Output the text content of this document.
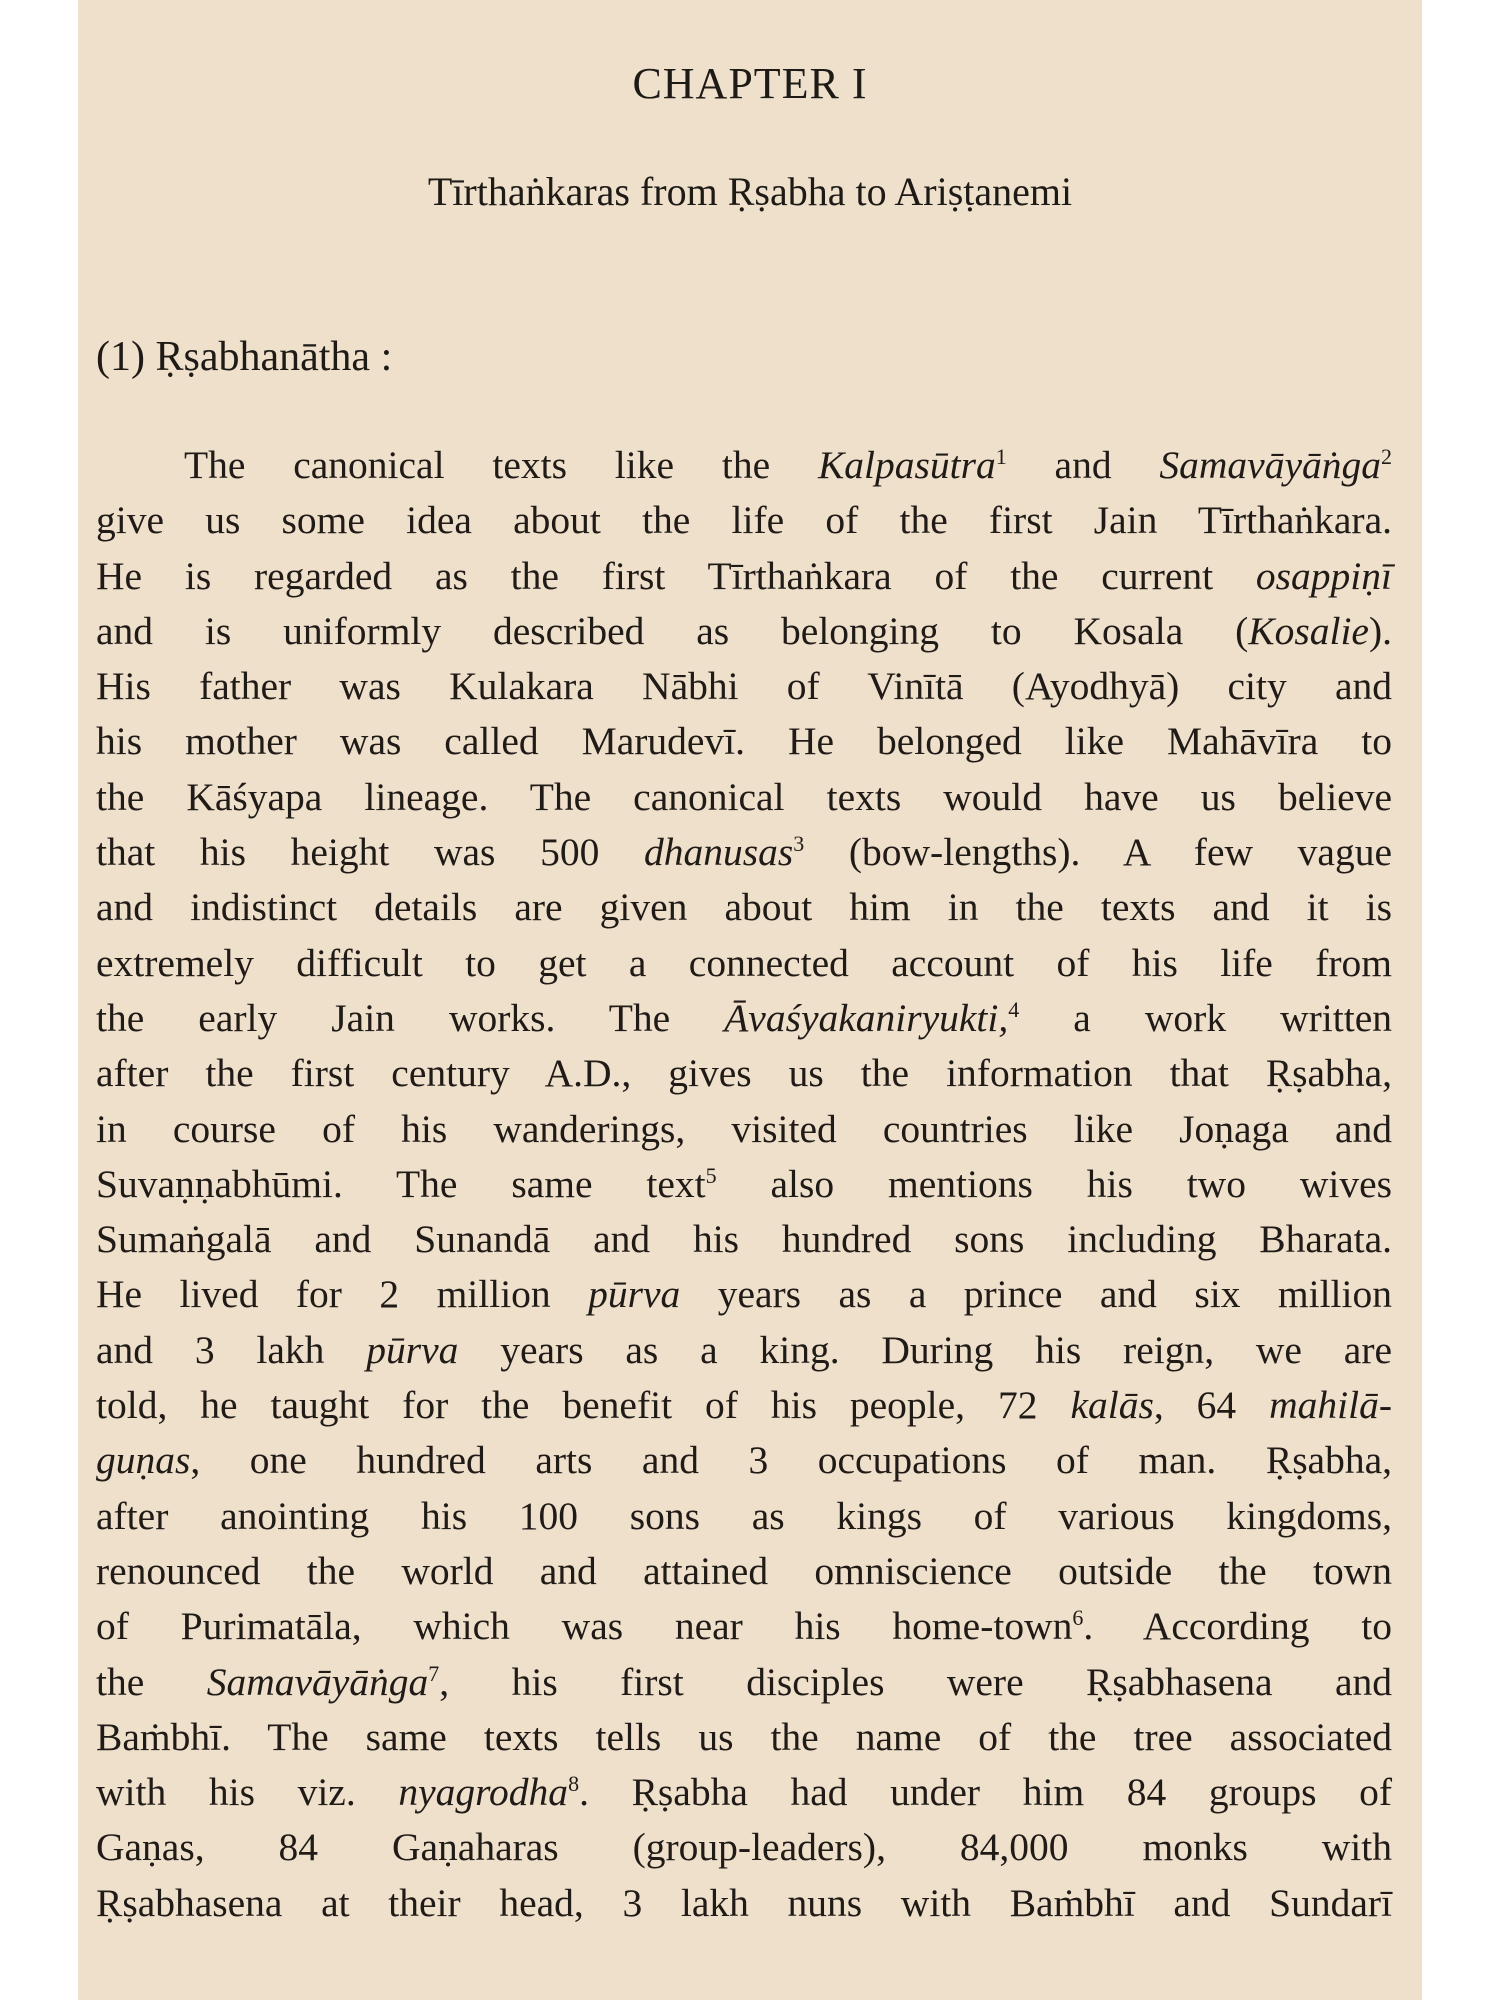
CHAPTER I
Tīrthaṅkaras from Ṛṣabha to Ariṣṭanemi
(1) Ṛṣabhanātha :
The canonical texts like the Kalpasūtra$^1$ and Samavāyāṅga$^2$
give us some idea about the life of the first Jain Tīrthaṅkara.
He is regarded as the first Tīrthaṅkara of the current osappiṇī
and is uniformly described as belonging to Kosala (Kosalie).
His father was Kulakara Nābhi of Vinītā (Ayodhyā) city and
his mother was called Marudevī. He belonged like Mahāvīra to
the Kāśyapa lineage. The canonical texts would have us believe
that his height was 500 dhanusas$^3$ (bow-lengths). A few vague
and indistinct details are given about him in the texts and it is
extremely difficult to get a connected account of his life from
the early Jain works. The Āvaśyakaniryukti,$^4$ a work written
after the first century A.D., gives us the information that Ṛṣabha,
in course of his wanderings, visited countries like Joṇaga and
Suvaṇṇabhūmi. The same text$^5$ also mentions his two wives
Sumaṅgalā and Sunandā and his hundred sons including Bharata.
He lived for 2 million pūrva years as a prince and six million
and 3 lakh pūrva years as a king. During his reign, we are
told, he taught for the benefit of his people, 72 kalās, 64 mahilā-
guṇas, one hundred arts and 3 occupations of man. Ṛṣabha,
after anointing his 100 sons as kings of various kingdoms,
renounced the world and attained omniscience outside the town
of Purimatāla, which was near his home-town$^6$. According to
the Samavāyāṅga$^7$, his first disciples were Ṛṣabhasena and
Baṁbhī. The same texts tells us the name of the tree associated
with his viz. nyagrodha$^8$. Ṛṣabha had under him 84 groups of
Gaṇas, 84 Gaṇaharas (group-leaders), 84,000 monks with
Ṛṣabhasena at their head, 3 lakh nuns with Baṁbhī and Sundarī
